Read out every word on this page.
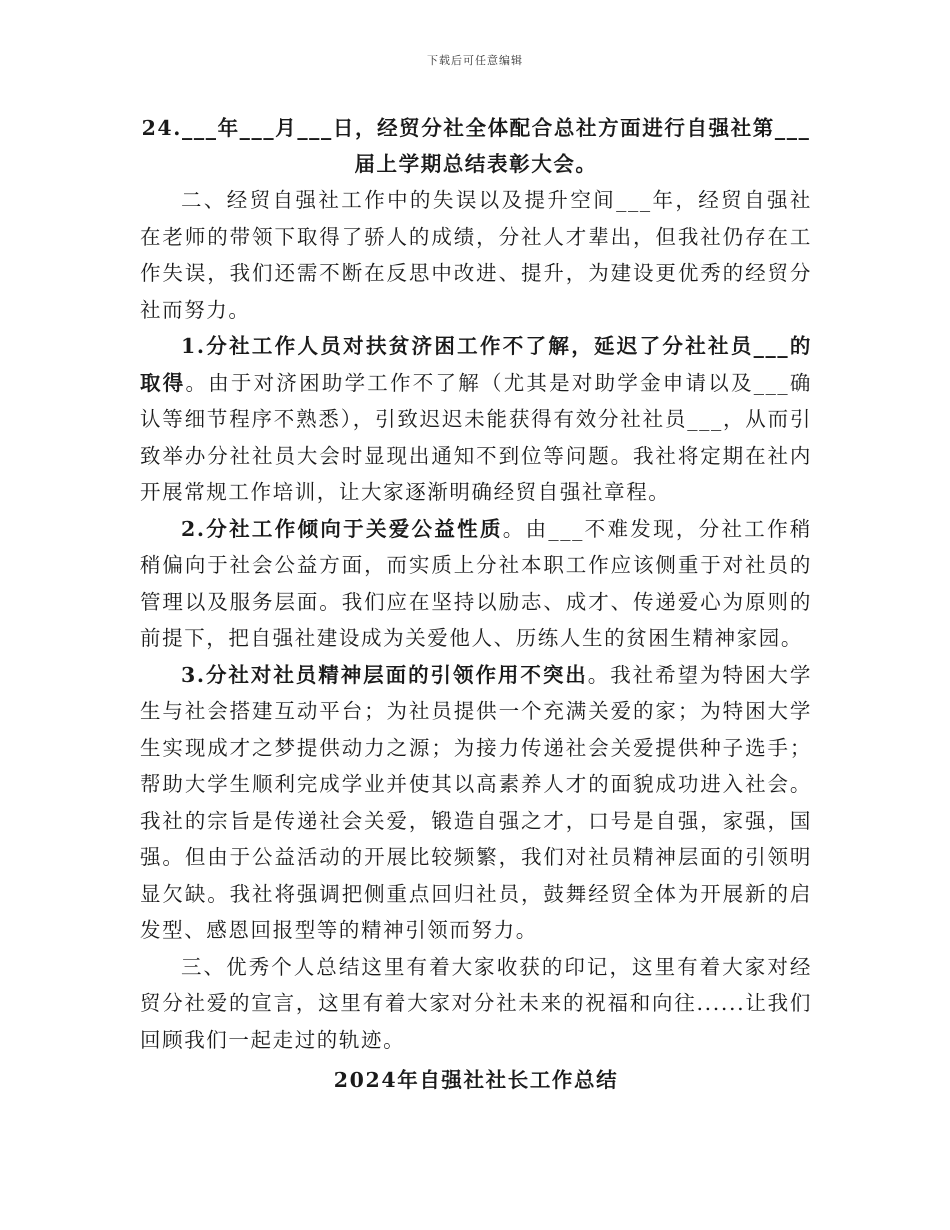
下载后可任意编辑

24.___年___月___日，经贸分社全体配合总社方面进行自强社第___届上学期总结表彰大会。

二、经贸自强社工作中的失误以及提升空间___年，经贸自强社在老师的带领下取得了骄人的成绩，分社人才辈出，但我社仍存在工作失误，我们还需不断在反思中改进、提升，为建设更优秀的经贸分社而努力。

1.分社工作人员对扶贫济困工作不了解，延迟了分社社员___的取得。由于对济困助学工作不了解（尤其是对助学金申请以及___确认等细节程序不熟悉），引致迟迟未能获得有效分社社员___，从而引致举办分社社员大会时显现出通知不到位等问题。我社将定期在社内开展常规工作培训，让大家逐渐明确经贸自强社章程。

2.分社工作倾向于关爱公益性质。由___不难发现，分社工作稍稍偏向于社会公益方面，而实质上分社本职工作应该侧重于对社员的管理以及服务层面。我们应在坚持以励志、成才、传递爱心为原则的前提下，把自强社建设成为关爱他人、历练人生的贫困生精神家园。

3.分社对社员精神层面的引领作用不突出。我社希望为特困大学生与社会搭建互动平台；为社员提供一个充满关爱的家；为特困大学生实现成才之梦提供动力之源；为接力传递社会关爱提供种子选手；帮助大学生顺利完成学业并使其以高素养人才的面貌成功进入社会。我社的宗旨是传递社会关爱，锻造自强之才，口号是自强，家强，国强。但由于公益活动的开展比较频繁，我们对社员精神层面的引领明显欠缺。我社将强调把侧重点回归社员，鼓舞经贸全体为开展新的启发型、感恩回报型等的精神引领而努力。

三、优秀个人总结这里有着大家收获的印记，这里有着大家对经贸分社爱的宣言，这里有着大家对分社未来的祝福和向往......让我们回顾我们一起走过的轨迹。

2024年自强社社长工作总结
